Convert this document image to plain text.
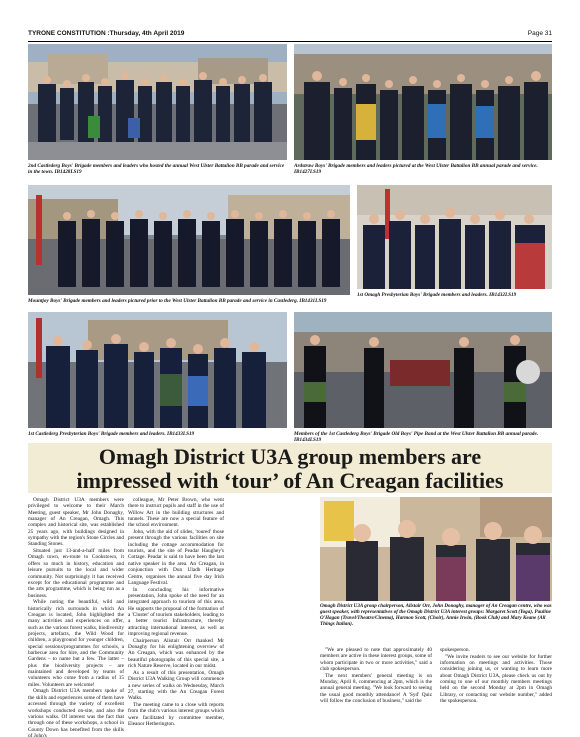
TYRONE CONSTITUTION :Thursday, 4th April 2019	Page 31
2nd Castlederg Boys' Brigade members and leaders who hosted the annual West Ulster Battalion BB parade and service in the town. IB1428LS19
Ardstraw Boys' Brigade members and leaders pictured at the West Ulster Battalion BB annual parade and service. IB1427LS19
Mountjoy Boys' Brigade members and leaders pictured prior to the West Ulster Battalion BB parade and service in Castlederg. IB1431LS19
1st Omagh Presbyterian Boys' Brigade members and leaders. IB1432LS19
1st Castlederg Presbyterian Boys' Brigade members and leaders. IB1433LS19	Members of the 1st Castlederg Boys' Brigade Old Boys' Pipe Band at the West Ulster Battalion BB annual parade. IB1434LS19
Omagh District U3A group members are
impressed with ‘tour’ of An Creagan facilities

Omagh District U3A members were privileged to welcome to their March Meeting, guest speaker, Mr John Donaghy, manager of An Creagan, Omagh. This complex and historical site, was established 25 years ago, with buildings designed in sympathy with the region's Stone Circles and Standing Stones.

Situated just 13-and-a-half miles from Omagh town, en-route to Cookstown, it offers so much in history, education and leisure pursuits to the local and wider community. Not surprisingly it has received except for the educational programme and the arts programme, which is being run as a business.

While noting the beautiful, wild and historically rich surrounds in which An Creagan is located, John highlighted the many activities and experiences on offer, such as the various forest walks, biodiversity projects, artefacts, the Wild Wood for children, a playground for younger children, special sessions/programmes for schools, a barbecue area for hire, and the Community Gardens – to name but a few. The latter – plus the biodiversity projects – are maintained and developed by teams of volunteers who come from a radius of 15 miles. Volunteers are welcome!

Omagh District U3A members spoke of the skills and experiences some of them have accessed through the variety of excellent workshops conducted on-site, and also the various walks. Of interest was the fact that through one of these workshops, a school in County Down has benefited from the skills of John's

colleague, Mr Peter Brown, who went there to instruct pupils and staff in the use of Willow Art in the building structures and tunnels. These are now a special feature of the school environment.

John, with the aid of slides, 'toured' those present through the various facilities on site including the cottage accommodation for tourists, and the site of Peadar Haughey's Cottage. Peadar is said to have been the last native speaker in the area. An Creagan, in conjunction with Dun Uladh Heritage Centre, organises the annual five day Irish Language Festival.

In concluding his informative presentation, John spoke of the need for an integrated approach to tourism of this area. He supports the proposal of the formation of a 'Cluster' of tourism stakeholders, leading to a better tourist Infrastructure, thereby attracting international interest, as well as improving regional revenue.

Chairperson Alistair Orr thanked Mr Donaghy for his enlightening overview of An Creagan, which was enhanced by the beautiful photographs of this special site, a rich Nature Reserve, located in our midst.

As a result of this presentation, Omagh District U3A Walking Group will commence a new series of walks on Wednesday, March 27, starting with the An Creagan Forest Walks.

The meeting came to a close with reports from the club's various interest groups which were facilitated by committee member, Eleanor Hetherington.

Omagh District U3A group chairperson, Alistair Orr, John Donaghy, manager of An Creagan centre, who was guest speaker, with representatives of the Omagh District U3A interest groups: Margaret Scott (Yoga), Pauline O'Hagan (Travel/Theatre/Cinema), Harmon Scott, (Choir), Annie Irwin, (Book Club) and Mary Keane (All Things Italian).

"We are pleased to note that approximately 40 members are active in these interest groups, some of whom participate in two or more activities," said a club spokesperson.

The next members' general meeting is on Monday, April 8, commencing at 2pm, which is the annual general meeting. "We look forward to seeing the usual good monthly attendance! A 'Syd' Quiz will follow the conclusion of business," said the

spokesperson.

"We invite readers to see our website for further information on meetings and activities. Those considering joining us, or wanting to learn more about Omagh District U3A, please check us out by coming to one of our monthly members meetings held on the second Monday at 2pm in Omagh Library, or contacting our website number," added the spokesperson.
